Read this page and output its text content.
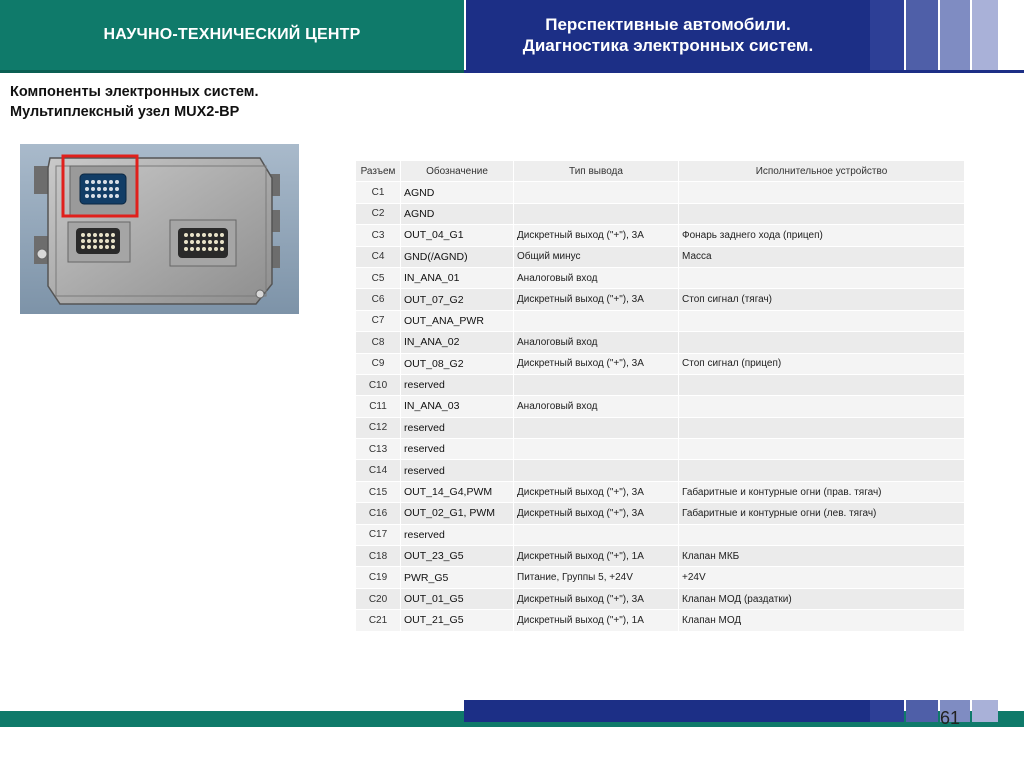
НАУЧНО-ТЕХНИЧЕСКИЙ ЦЕНТР
Перспективные автомобили.
Диагностика электронных систем.
Компоненты электронных систем.
Мультиплексный узел MUX2-BP
Разъем	Обозначение	Тип вывода	Исполнительное устройство
C1	AGND		
C2	AGND		
C3	OUT_04_G1	Дискретный выход ("+"), 3А	Фонарь заднего хода (прицеп)
C4	GND(/AGND)	Общий минус	Масса
C5	IN_ANA_01	Аналоговый вход	
C6	OUT_07_G2	Дискретный выход ("+"), 3А	Стоп сигнал (тягач)
C7	OUT_ANA_PWR		
C8	IN_ANA_02	Аналоговый вход	
C9	OUT_08_G2	Дискретный выход ("+"), 3А	Стоп сигнал (прицеп)
C10	reserved		
C11	IN_ANA_03	Аналоговый вход	
C12	reserved		
C13	reserved		
C14	reserved		
C15	OUT_14_G4,PWM	Дискретный выход ("+"), 3А	Габаритные и контурные огни (прав. тягач)
C16	OUT_02_G1, PWM	Дискретный выход ("+"), 3А	Габаритные и контурные огни (лев. тягач)
C17	reserved		
C18	OUT_23_G5	Дискретный выход ("+"), 1А	Клапан МКБ
C19	PWR_G5	Питание, Группы 5, +24V	+24V
C20	OUT_01_G5	Дискретный выход ("+"), 3А	Клапан МОД (раздатки)
C21	OUT_21_G5	Дискретный выход ("+"), 1А	Клапан МОД
61
